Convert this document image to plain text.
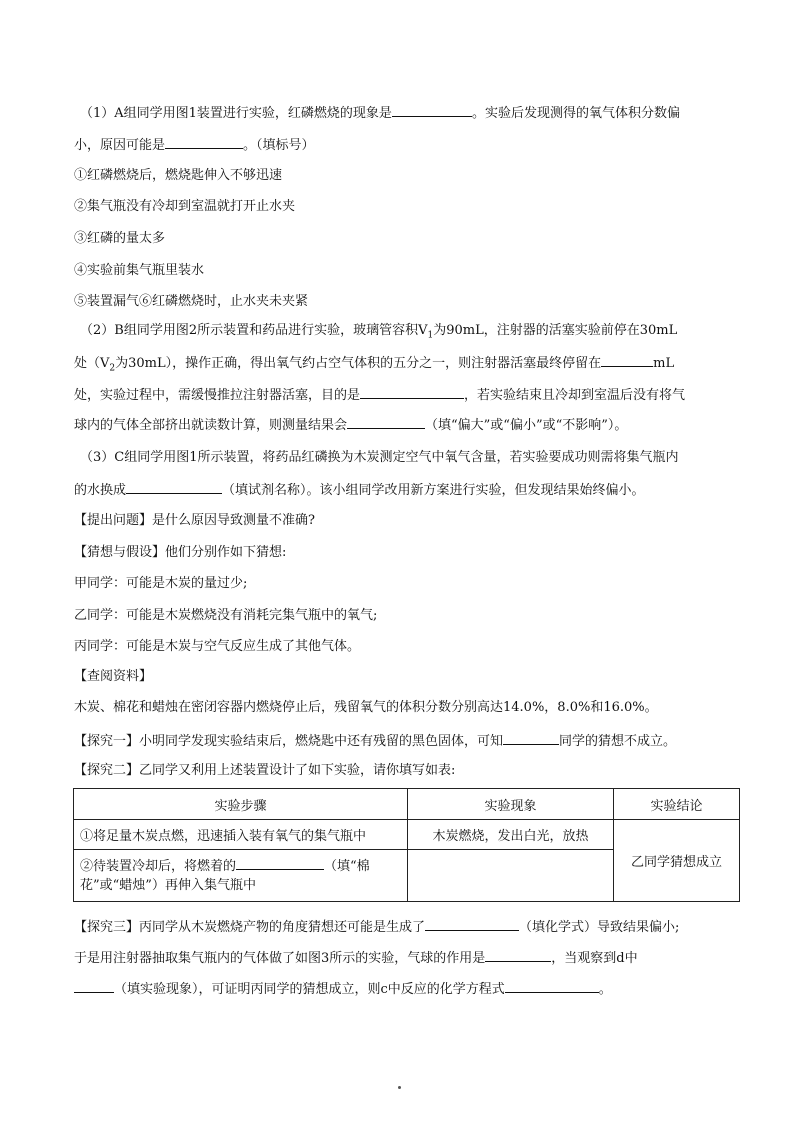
（1）A组同学用图1装置进行实验，红磷燃烧的现象是	。实验后发现测得的氧气体积分数偏
小，原因可能是	。（填标号）
①红磷燃烧后，燃烧匙伸入不够迅速
②集气瓶没有冷却到室温就打开止水夹
③红磷的量太多
④实验前集气瓶里装水
⑤装置漏气⑥红磷燃烧时，止水夹未夹紧
（2）B组同学用图2所示装置和药品进行实验，玻璃管容积$V_1$为90mL，注射器的活塞实验前停在30mL
处（$V_2$为30mL），操作正确，得出氧气约占空气体积的五分之一，则注射器活塞最终停留在	mL
处，实验过程中，需缓慢推拉注射器活塞，目的是	，若实验结束且冷却到室温后没有将气
球内的气体全部挤出就读数计算，则测量结果会	（填“偏大”或“偏小”或“不影响”）。
（3）C组同学用图1所示装置，将药品红磷换为木炭测定空气中氧气含量，若实验要成功则需将集气瓶内
的水换成	（填试剂名称）。该小组同学改用新方案进行实验，但发现结果始终偏小。
【提出问题】是什么原因导致测量不准确?
【猜想与假设】他们分别作如下猜想:
甲同学：可能是木炭的量过少;
乙同学：可能是木炭燃烧没有消耗完集气瓶中的氧气;
丙同学：可能是木炭与空气反应生成了其他气体。
【查阅资料】
木炭、棉花和蜡烛在密闭容器内燃烧停止后，残留氧气的体积分数分别高达14.0%，8.0%和16.0%。
【探究一】小明同学发现实验结束后，燃烧匙中还有残留的黑色固体，可知	同学的猜想不成立。
【探究二】乙同学又利用上述装置设计了如下实验，请你填写如表:
实验步骤	实验现象	实验结论
①将足量木炭点燃，迅速插入装有氧气的集气瓶中	木炭燃烧，发出白光，放热	乙同学猜想成立
②待装置冷却后，将燃着的 （填“棉
花”或“蜡烛”）再伸入集气瓶中		
【探究三】丙同学从木炭燃烧产物的角度猜想还可能是生成了	（填化学式）导致结果偏小;
于是用注射器抽取集气瓶内的气体做了如图3所示的实验，气球的作用是	，当观察到d中
（填实验现象），可证明丙同学的猜想成立，则c中反应的化学方程式	。
